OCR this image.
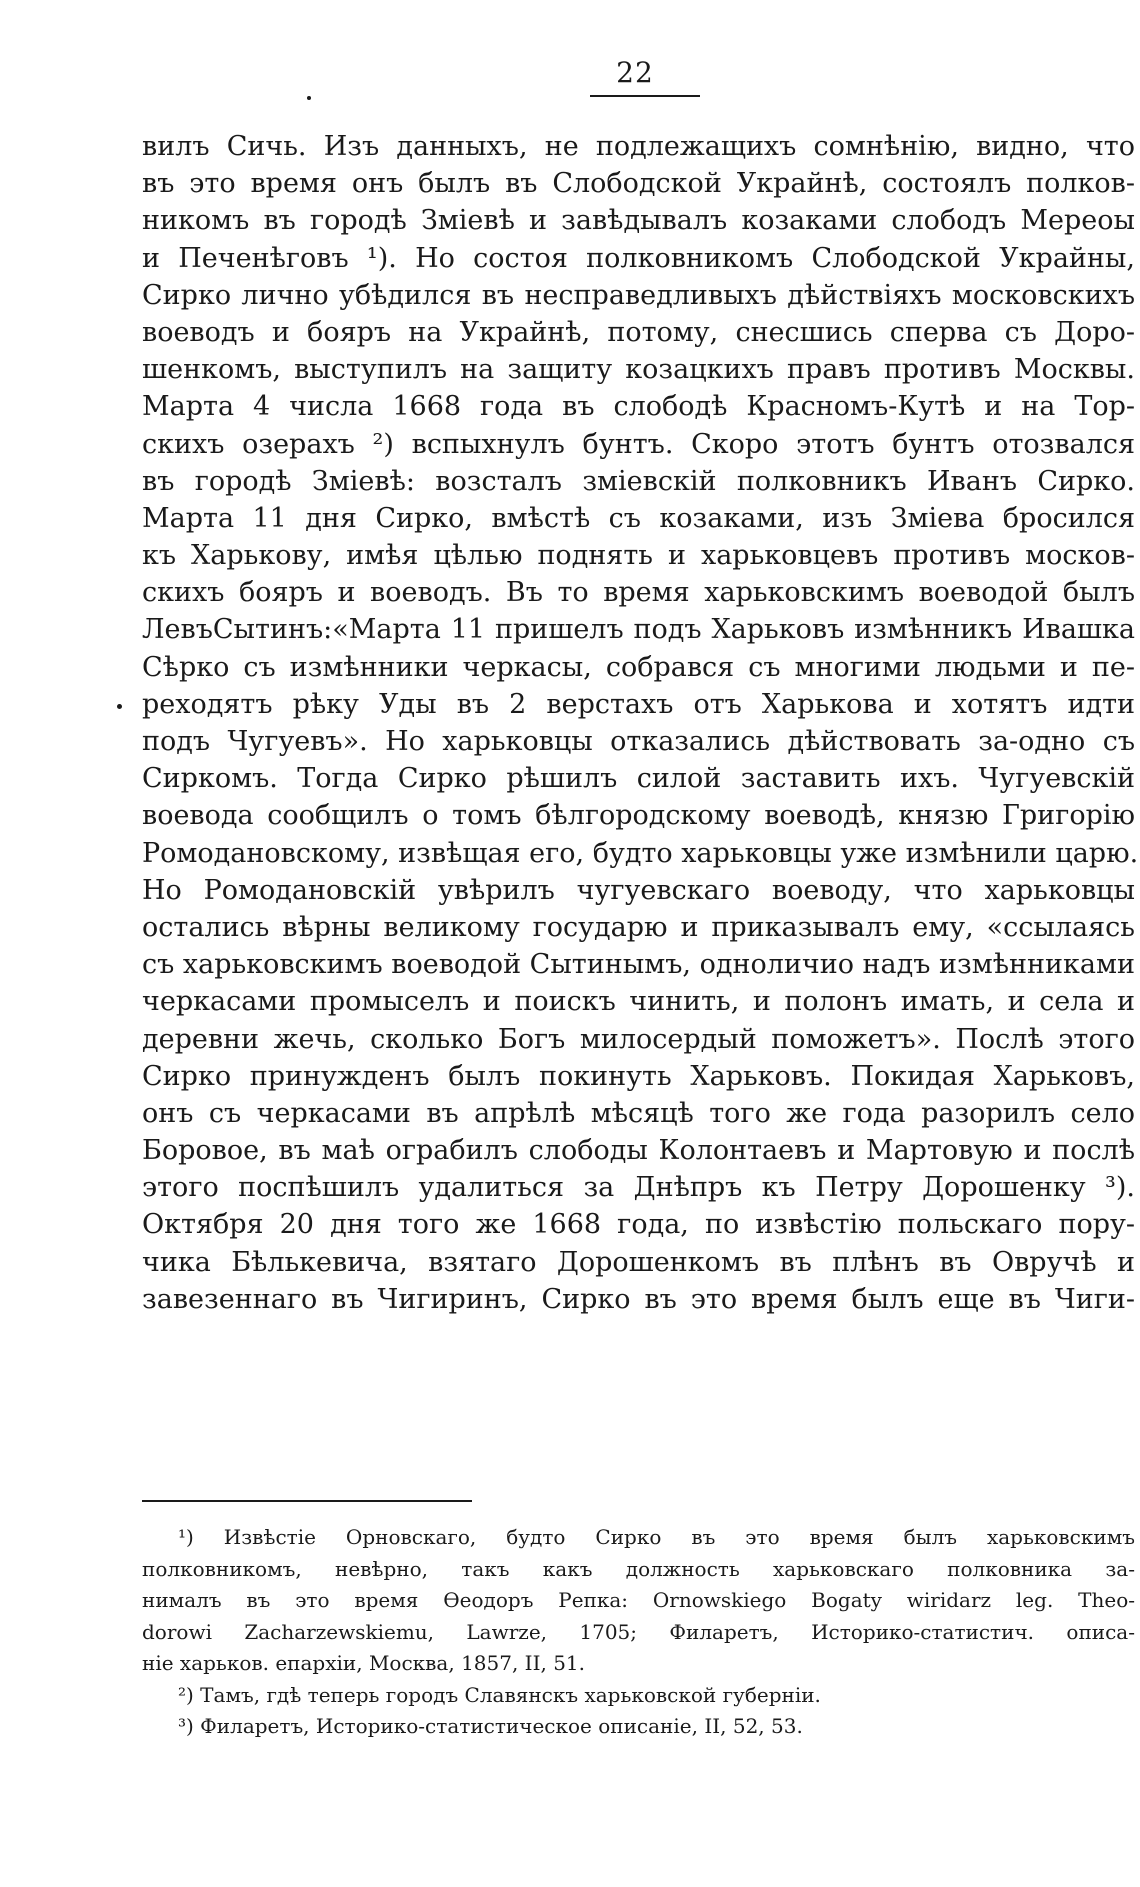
22
вилъ Сичь. Изъ данныхъ, не подлежащихъ сомнѣнію, видно, что
въ это время онъ былъ въ Слободской Украйнѣ, состоялъ полков-
никомъ въ городѣ Зміевѣ и завѣдывалъ козаками слободъ Мереоы
и Печенѣговъ ¹). Но состоя полковникомъ Слободской Украйны,
Сирко лично убѣдился въ несправедливыхъ дѣйствіяхъ московскихъ
воеводъ и бояръ на Украйнѣ, потому, снесшись сперва съ Доро-
шенкомъ, выступилъ на защиту козацкихъ правъ противъ Москвы.
Марта 4 числа 1668 года въ слободѣ Красномъ-Кутѣ и на Тор-
скихъ озерахъ ²) вспыхнулъ бунтъ. Скоро этотъ бунтъ отозвался
въ городѣ Зміевѣ: возсталъ зміевскій полковникъ Иванъ Сирко.
Марта 11 дня Сирко, вмѣстѣ съ козаками, изъ Зміева бросился
къ Харькову, имѣя цѣлью поднять и харьковцевъ противъ москов-
скихъ бояръ и воеводъ. Въ то время харьковскимъ воеводой былъ
ЛевъСытинъ:«Марта 11 пришелъ подъ Харьковъ измѣнникъ Ивашка
Сѣрко съ измѣнники черкасы, собрався съ многими людьми и пе-
реходятъ рѣку Уды въ 2 верстахъ отъ Харькова и хотятъ идти
подъ Чугуевъ». Но харьковцы отказались дѣйствовать за-одно съ
Сиркомъ. Тогда Сирко рѣшилъ силой заставить ихъ. Чугуевскій
воевода сообщилъ о томъ бѣлгородскому воеводѣ, князю Григорію
Ромодановскому, извѣщая его, будто харьковцы уже измѣнили царю.
Но Ромодановскій увѣрилъ чугуевскаго воеводу, что харьковцы
остались вѣрны великому государю и приказывалъ ему, «ссылаясь
съ харьковскимъ воеводой Сытинымъ, одноличио надъ измѣнниками
черкасами промыселъ и поискъ чинить, и полонъ имать, и села и
деревни жечь, сколько Богъ милосердый поможетъ». Послѣ этого
Сирко принужденъ былъ покинуть Харьковъ. Покидая Харьковъ,
онъ съ черкасами въ апрѣлѣ мѣсяцѣ того же года разорилъ село
Боровое, въ маѣ ограбилъ слободы Колонтаевъ и Мартовую и послѣ
этого поспѣшилъ удалиться за Днѣпръ къ Петру Дорошенку ³).
Октября 20 дня того же 1668 года, по извѣстію польскаго пору-
чика Бѣлькевича, взятаго Дорошенкомъ въ плѣнъ въ Овручѣ и
завезеннаго въ Чигиринъ, Сирко въ это время былъ еще въ Чиги-
¹) Извѣстіе Орновскаго, будто Сирко въ это время былъ харьковскимъ
полковникомъ, невѣрно, такъ какъ должность харьковскаго полковника за-
нималъ въ это время Ѳеодоръ Репка: Ornowskiego Bogaty wiridarz leg. Theo-
dorowi Zacharzewskiemu, Lawrze, 1705; Филаретъ, Историко-статистич. описа-
ніе харьков. епархіи, Москва, 1857, II, 51.
²) Тамъ, гдѣ теперь городъ Славянскъ харьковской губерніи.
³) Филаретъ, Историко-статистическое описаніе, II, 52, 53.
